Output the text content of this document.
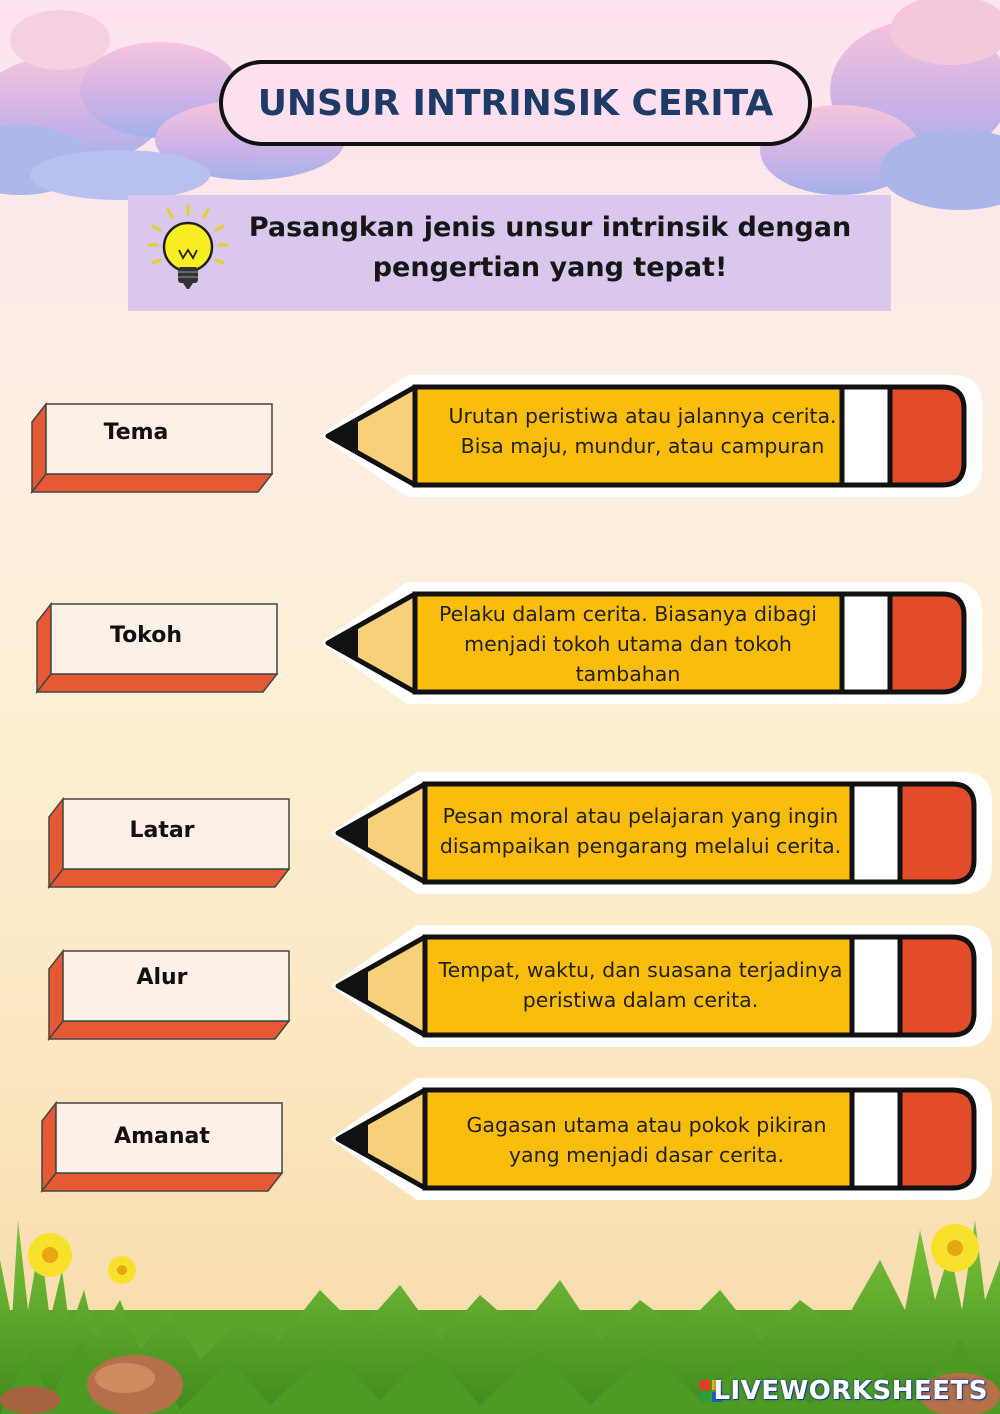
UNSUR INTRINSIK CERITA
Pasangkan jenis unsur intrinsik dengan
pengertian yang tepat!
Tema
Tokoh
Latar
Alur
Amanat
Urutan peristiwa atau jalannya cerita.
Bisa maju, mundur, atau campuran
Pelaku dalam cerita. Biasanya dibagi
menjadi tokoh utama dan tokoh
tambahan
Pesan moral atau pelajaran yang ingin
disampaikan pengarang melalui cerita.
Tempat, waktu, dan suasana terjadinya
peristiwa dalam cerita.
Gagasan utama atau pokok pikiran
yang menjadi dasar cerita.
LIVEWORKSHEETS
